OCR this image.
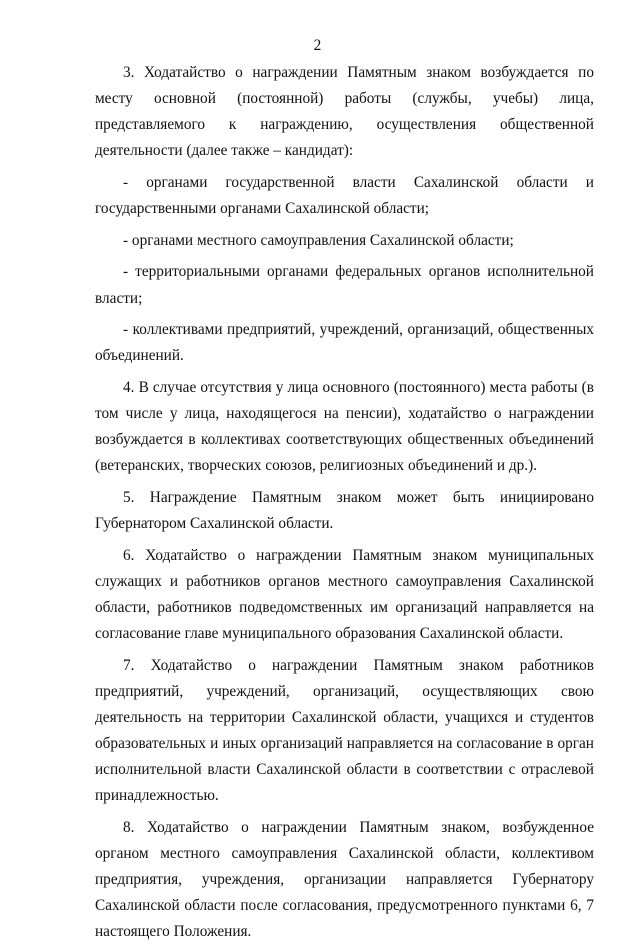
2

3. Ходатайство о награждении Памятным знаком возбуждается по месту основной (постоянной) работы (службы, учебы) лица, представляемого к награждению, осуществления общественной деятельности (далее также – кандидат):

- органами государственной власти Сахалинской области и государственными органами Сахалинской области;

- органами местного самоуправления Сахалинской области;

- территориальными органами федеральных органов исполнительной власти;

- коллективами предприятий, учреждений, организаций, общественных объединений.

4. В случае отсутствия у лица основного (постоянного) места работы (в том числе у лица, находящегося на пенсии), ходатайство о награждении возбуждается в коллективах соответствующих общественных объединений (ветеранских, творческих союзов, религиозных объединений и др.).

5. Награждение Памятным знаком может быть инициировано Губернатором Сахалинской области.

6. Ходатайство о награждении Памятным знаком муниципальных служащих и работников органов местного самоуправления Сахалинской области, работников подведомственных им организаций направляется на согласование главе муниципального образования Сахалинской области.

7. Ходатайство о награждении Памятным знаком работников предприятий, учреждений, организаций, осуществляющих свою деятельность на территории Сахалинской области, учащихся и студентов образовательных и иных организаций направляется на согласование в орган исполнительной власти Сахалинской области в соответствии с отраслевой принадлежностью.

8. Ходатайство о награждении Памятным знаком, возбужденное органом местного самоуправления Сахалинской области, коллективом предприятия, учреждения, организации направляется Губернатору Сахалинской области после согласования, предусмотренного пунктами 6, 7 настоящего Положения.
